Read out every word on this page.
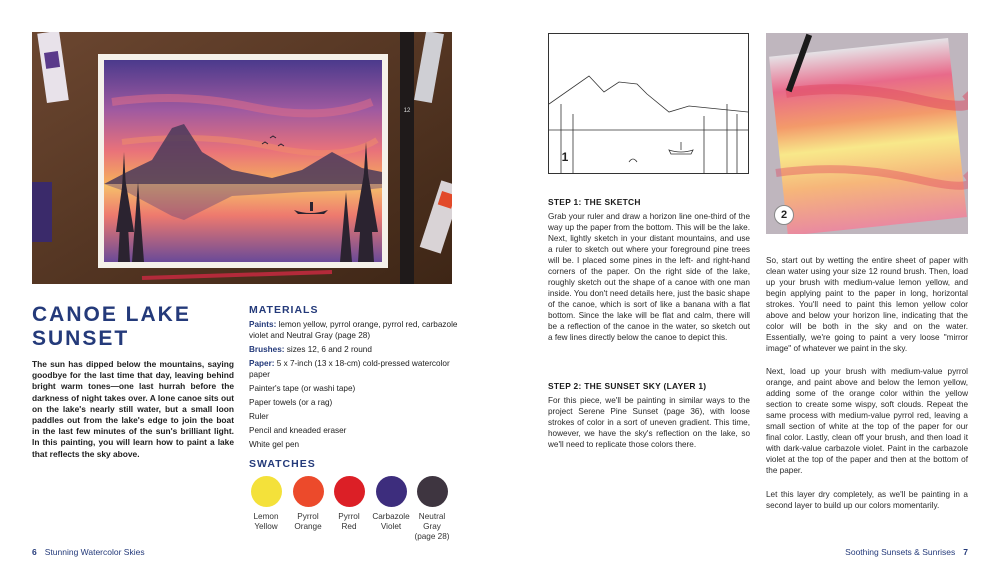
12
CANOE LAKE
SUNSET
The sun has dipped below the mountains, saying goodbye for the last time that day, leaving behind bright warm tones—one last hurrah before the darkness of night takes over. A lone canoe sits out on the lake's nearly still water, but a small loon paddles out from the lake's edge to join the boat in the last few minutes of the sun's brilliant light. In this painting, you will learn how to paint a lake that reflects the sky above.
MATERIALS
Paints: lemon yellow, pyrrol orange, pyrrol red, carbazole violet and Neutral Gray (page 28)
Brushes: sizes 12, 6 and 2 round
Paper: 5 x 7-inch (13 x 18-cm) cold-pressed watercolor paper
Painter's tape (or washi tape)
Paper towels (or a rag)
Ruler
Pencil and kneaded eraser
White gel pen
SWATCHES
Lemon
Yellow
Pyrrol
Orange
Pyrrol
Red
Carbazole
Violet
Neutral
Gray
(page 28)
6 Stunning Watercolor Skies
1
2
STEP 1: THE SKETCH
Grab your ruler and draw a horizon line one-third of the way up the paper from the bottom. This will be the lake. Next, lightly sketch in your distant mountains, and use a ruler to sketch out where your foreground pine trees will be. I placed some pines in the left- and right-hand corners of the paper. On the right side of the lake, roughly sketch out the shape of a canoe with one man inside. You don't need details here, just the basic shape of the canoe, which is sort of like a banana with a flat bottom. Since the lake will be flat and calm, there will be a reflection of the canoe in the water, so sketch out a few lines directly below the canoe to depict this.
STEP 2: THE SUNSET SKY (LAYER 1)
For this piece, we'll be painting in similar ways to the project Serene Pine Sunset (page 36), with loose strokes of color in a sort of uneven gradient. This time, however, we have the sky's reflection on the lake, so we'll need to replicate those colors there.
So, start out by wetting the entire sheet of paper with clean water using your size 12 round brush. Then, load up your brush with medium-value lemon yellow, and begin applying paint to the paper in long, horizontal strokes. You'll need to paint this lemon yellow color above and below your horizon line, indicating that the color will be both in the sky and on the water. Essentially, we're going to paint a very loose "mirror image" of whatever we paint in the sky.
Next, load up your brush with medium-value pyrrol orange, and paint above and below the lemon yellow, adding some of the orange color within the yellow section to create some wispy, soft clouds. Repeat the same process with medium-value pyrrol red, leaving a small section of white at the top of the paper for our final color. Lastly, clean off your brush, and then load it with dark-value carbazole violet. Paint in the carbazole violet at the top of the paper and then at the bottom of the paper.
Let this layer dry completely, as we'll be painting in a second layer to build up our colors momentarily.
Soothing Sunsets & Sunrises 7
